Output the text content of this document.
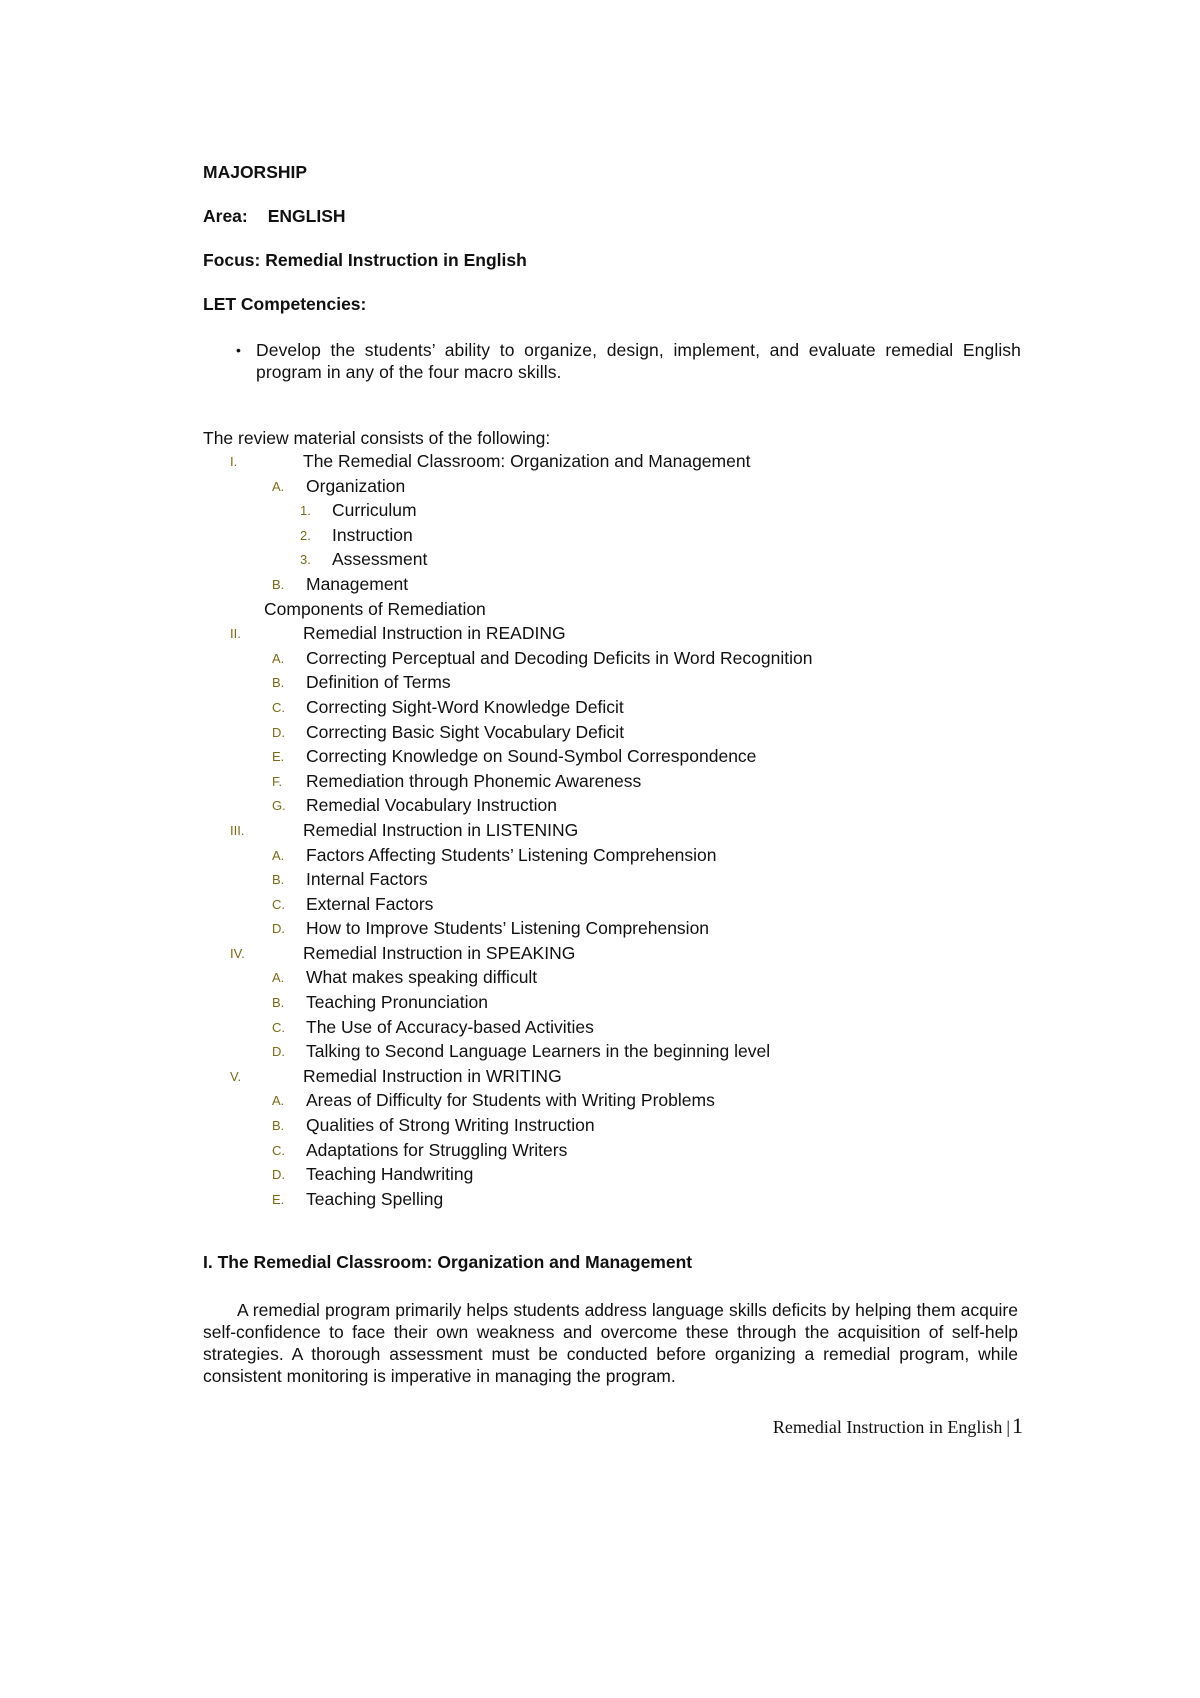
MAJORSHIP
Area: ENGLISH
Focus: Remedial Instruction in English
LET Competencies:
• Develop the students’ ability to organize, design, implement, and evaluate remedial English program in any of the four macro skills.
The review material consists of the following:
I.	The Remedial Classroom: Organization and Management
A. Organization
1. Curriculum
2. Instruction
3. Assessment
B. Management
Components of Remediation
II.	Remedial Instruction in READING
A. Correcting Perceptual and Decoding Deficits in Word Recognition
B. Definition of Terms
C. Correcting Sight-Word Knowledge Deficit
D. Correcting Basic Sight Vocabulary Deficit
E. Correcting Knowledge on Sound-Symbol Correspondence
F. Remediation through Phonemic Awareness
G. Remedial Vocabulary Instruction
III.	Remedial Instruction in LISTENING
A. Factors Affecting Students’ Listening Comprehension
B. Internal Factors
C. External Factors
D. How to Improve Students’ Listening Comprehension
IV.	Remedial Instruction in SPEAKING
A. What makes speaking difficult
B. Teaching Pronunciation
C. The Use of Accuracy-based Activities
D. Talking to Second Language Learners in the beginning level
V.	Remedial Instruction in WRITING
A. Areas of Difficulty for Students with Writing Problems
B. Qualities of Strong Writing Instruction
C. Adaptations for Struggling Writers
D. Teaching Handwriting
E. Teaching Spelling
I. The Remedial Classroom: Organization and Management

A remedial program primarily helps students address language skills deficits by helping them acquire self-confidence to face their own weakness and overcome these through the acquisition of self-help strategies. A thorough assessment must be conducted before organizing a remedial program, while consistent monitoring is imperative in managing the program.

Remedial Instruction in English |1
